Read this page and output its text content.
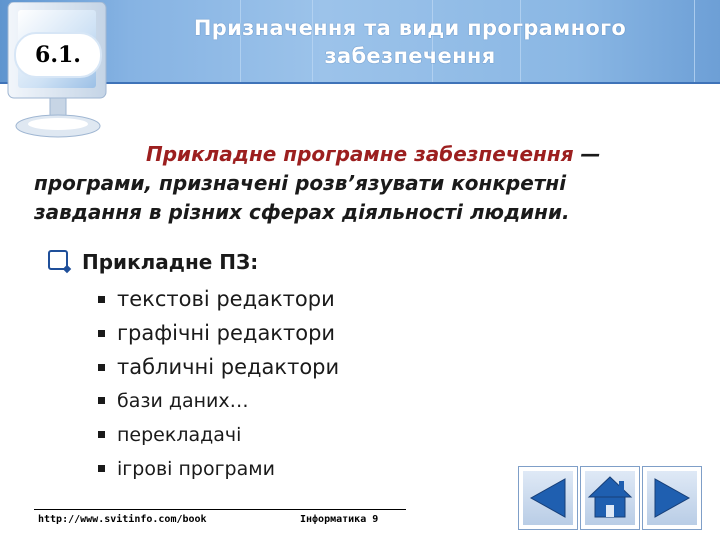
6.1.
Призначення та види програмного
забезпечення
Прикладне програмне забезпечення —
програми, призначені розв’язувати конкретні
завдання в різних сферах діяльності людини.
Прикладне ПЗ:
текстові редактори
графічні редактори
табличні редактори
бази даних…
перекладачі
ігрові програми
http://www.svitinfo.com/book	Інформатика 9
